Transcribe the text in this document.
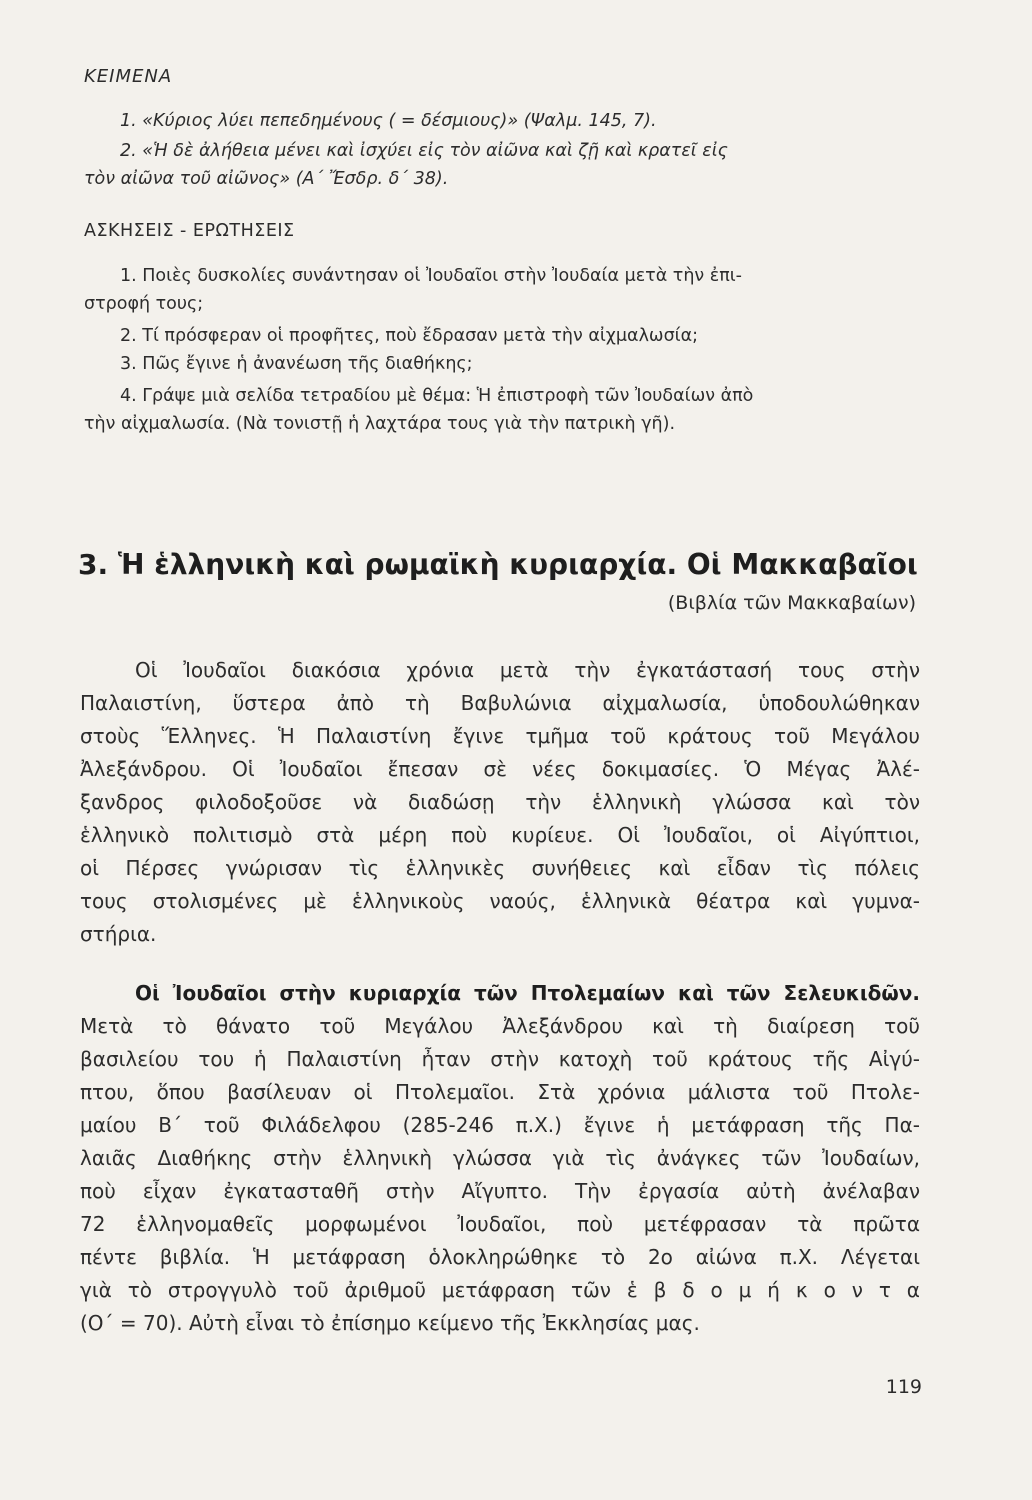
ΚΕΙΜΕΝΑ
1. «Κύριος λύει πεπεδημένους ( = δέσμιους)» (Ψαλμ. 145, 7).
2. «Ἡ δὲ ἀλήθεια μένει καὶ ἰσχύει εἰς τὸν αἰῶνα καὶ ζῇ καὶ κρατεῖ εἰς
τὸν αἰῶνα τοῦ αἰῶνος» (Α΄ Ἔσδρ. δ΄ 38).
ΑΣΚΗΣΕΙΣ - ΕΡΩΤΗΣΕΙΣ
1. Ποιὲς δυσκολίες συνάντησαν οἱ Ἰουδαῖοι στὴν Ἰουδαία μετὰ τὴν ἐπι-
στροφή τους;
2. Τί πρόσφεραν οἱ προφῆτες, ποὺ ἔδρασαν μετὰ τὴν αἰχμαλωσία;
3. Πῶς ἔγινε ἡ ἀνανέωση τῆς διαθήκης;
4. Γράψε μιὰ σελίδα τετραδίου μὲ θέμα: Ἡ ἐπιστροφὴ τῶν Ἰουδαίων ἀπὸ
τὴν αἰχμαλωσία. (Νὰ τονιστῇ ἡ λαχτάρα τους γιὰ τὴν πατρικὴ γῆ).
3. Ἡ ἑλληνικὴ καὶ ρωμαϊκὴ κυριαρχία. Οἱ Μακκαβαῖοι
(Βιβλία τῶν Μακκαβαίων)
Οἱ Ἰουδαῖοι διακόσια χρόνια μετὰ τὴν ἐγκατάστασή τους στὴν
Παλαιστίνη, ὕστερα ἀπὸ τὴ Βαβυλώνια αἰχμαλωσία, ὑποδουλώθηκαν
στοὺς Ἕλληνες. Ἡ Παλαιστίνη ἔγινε τμῆμα τοῦ κράτους τοῦ Μεγάλου
Ἀλεξάνδρου. Οἱ Ἰουδαῖοι ἔπεσαν σὲ νέες δοκιμασίες. Ὁ Μέγας Ἀλέ-
ξανδρος φιλοδοξοῦσε νὰ διαδώσῃ τὴν ἑλληνικὴ γλώσσα καὶ τὸν
ἑλληνικὸ πολιτισμὸ στὰ μέρη ποὺ κυρίευε. Οἱ Ἰουδαῖοι, οἱ Αἰγύπτιοι,
οἱ Πέρσες γνώρισαν τὶς ἑλληνικὲς συνήθειες καὶ εἶδαν τὶς πόλεις
τους στολισμένες μὲ ἑλληνικοὺς ναούς, ἑλληνικὰ θέατρα καὶ γυμνα-
στήρια.
Οἱ Ἰουδαῖοι στὴν κυριαρχία τῶν Πτολεμαίων καὶ τῶν Σελευκιδῶν.
Μετὰ τὸ θάνατο τοῦ Μεγάλου Ἀλεξάνδρου καὶ τὴ διαίρεση τοῦ
βασιλείου του ἡ Παλαιστίνη ἦταν στὴν κατοχὴ τοῦ κράτους τῆς Αἰγύ-
πτου, ὅπου βασίλευαν οἱ Πτολεμαῖοι. Στὰ χρόνια μάλιστα τοῦ Πτολε-
μαίου Β΄ τοῦ Φιλάδελφου (285-246 π.Χ.) ἔγινε ἡ μετάφραση τῆς Πα-
λαιᾶς Διαθήκης στὴν ἑλληνικὴ γλώσσα γιὰ τὶς ἀνάγκες τῶν Ἰουδαίων,
ποὺ εἶχαν ἐγκατασταθῆ στὴν Αἴγυπτο. Τὴν ἐργασία αὐτὴ ἀνέλαβαν
72 ἑλληνομαθεῖς μορφωμένοι Ἰουδαῖοι, ποὺ μετέφρασαν τὰ πρῶτα
πέντε βιβλία. Ἡ μετάφραση ὁλοκληρώθηκε τὸ 2ο αἰώνα π.Χ. Λέγεται
γιὰ τὸ στρογγυλὸ τοῦ ἀριθμοῦ μετάφραση τῶν ἑ β δ ο μ ή κ ο ν τ α
(Ο΄ = 70). Αὐτὴ εἶναι τὸ ἐπίσημο κείμενο τῆς Ἐκκλησίας μας.
119
